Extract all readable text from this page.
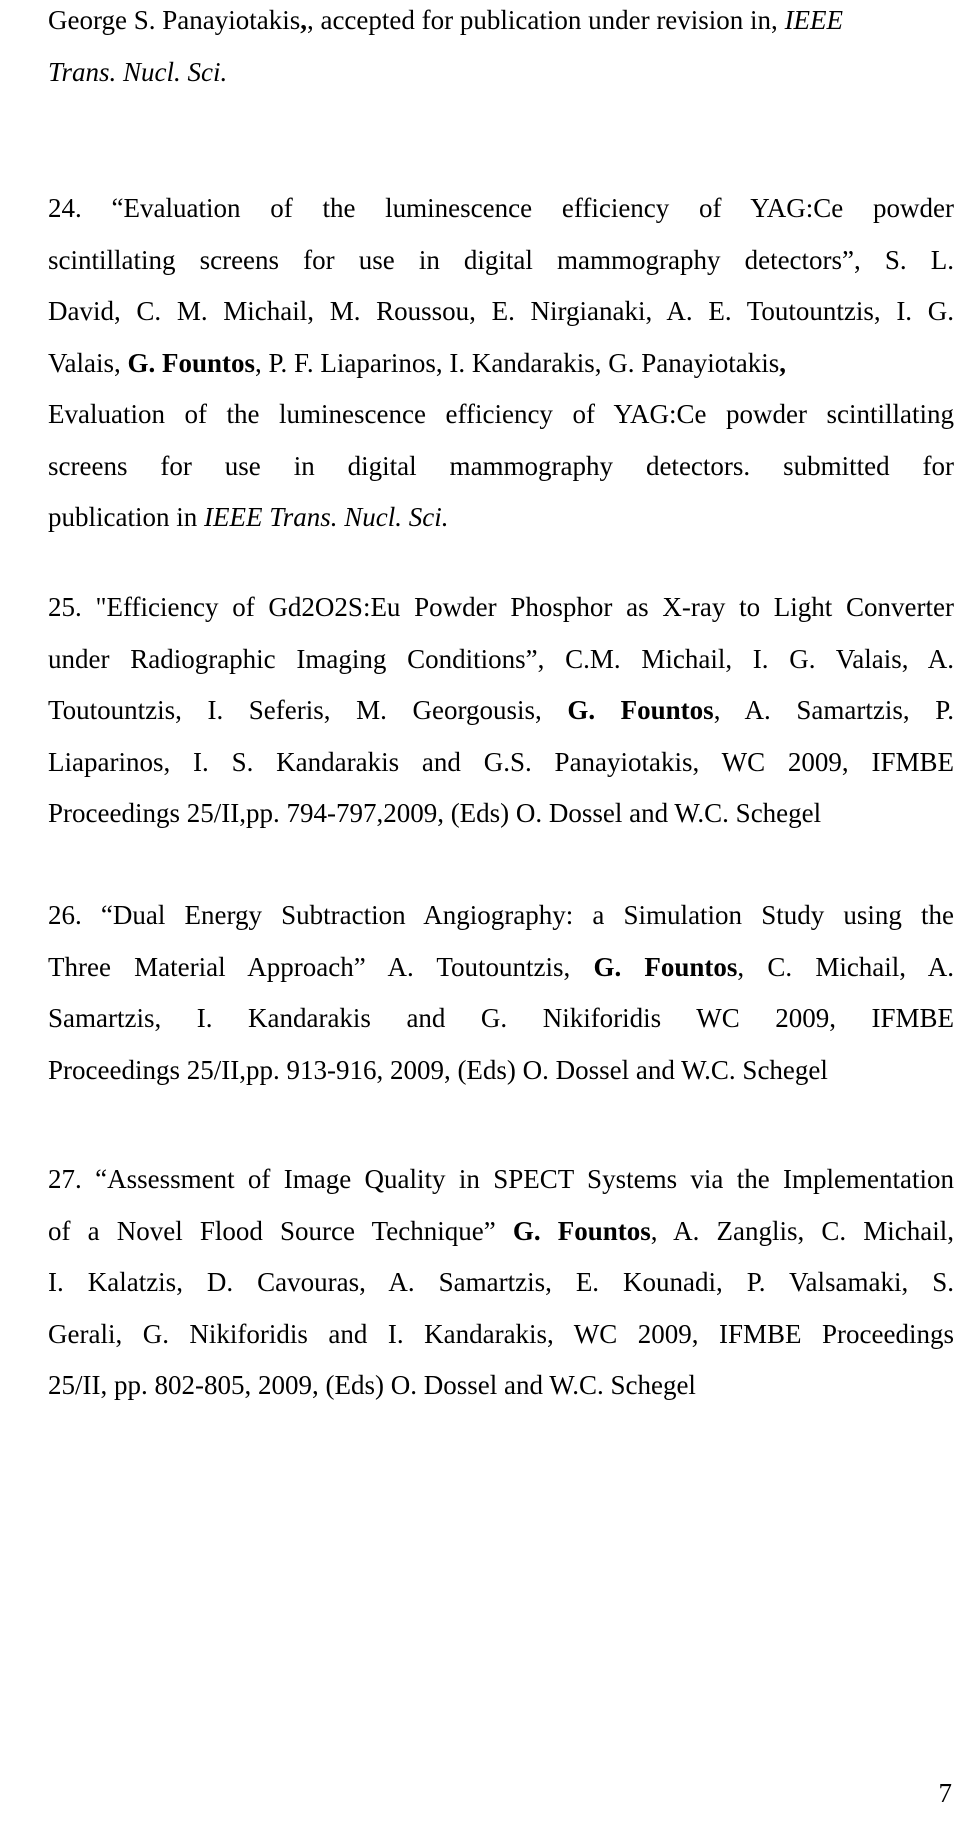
George S. Panayiotakis,, accepted for publication under revision in, IEEE
Trans. Nucl. Sci.
24. “Evaluation of the luminescence efficiency of YAG:Ce powder
scintillating screens for use in digital mammography detectors”, S. L.
David, C. M. Michail, M. Roussou, E. Nirgianaki, A. E. Toutountzis, I. G.
Valais, G. Fountos, P. F. Liaparinos, I. Kandarakis, G. Panayiotakis,
Evaluation of the luminescence efficiency of YAG:Ce powder scintillating
screens for use in digital mammography detectors. submitted for
publication in IEEE Trans. Nucl. Sci.
25. "Efficiency of Gd2O2S:Eu Powder Phosphor as X-ray to Light Converter
under Radiographic Imaging Conditions”, C.M. Michail, I. G. Valais, A.
Toutountzis, I. Seferis, M. Georgousis, G. Fountos, A. Samartzis, P.
Liaparinos, I. S. Kandarakis and G.S. Panayiotakis, WC 2009, IFMBE
Proceedings 25/II,pp. 794-797,2009, (Eds) O. Dossel and W.C. Schegel
26. “Dual Energy Subtraction Angiography: a Simulation Study using the
Three Material Approach” A. Toutountzis, G. Fountos, C. Michail, A.
Samartzis, I. Kandarakis and G. Nikiforidis WC 2009, IFMBE
Proceedings 25/II,pp. 913-916, 2009, (Eds) O. Dossel and W.C. Schegel
27. “Assessment of Image Quality in SPECT Systems via the Implementation
of a Novel Flood Source Technique” G. Fountos, A. Zanglis, C. Michail,
I. Kalatzis, D. Cavouras, A. Samartzis, E. Kounadi, P. Valsamaki, S.
Gerali, G. Nikiforidis and I. Kandarakis, WC 2009, IFMBE Proceedings
25/II, pp. 802-805, 2009, (Eds) O. Dossel and W.C. Schegel
7
